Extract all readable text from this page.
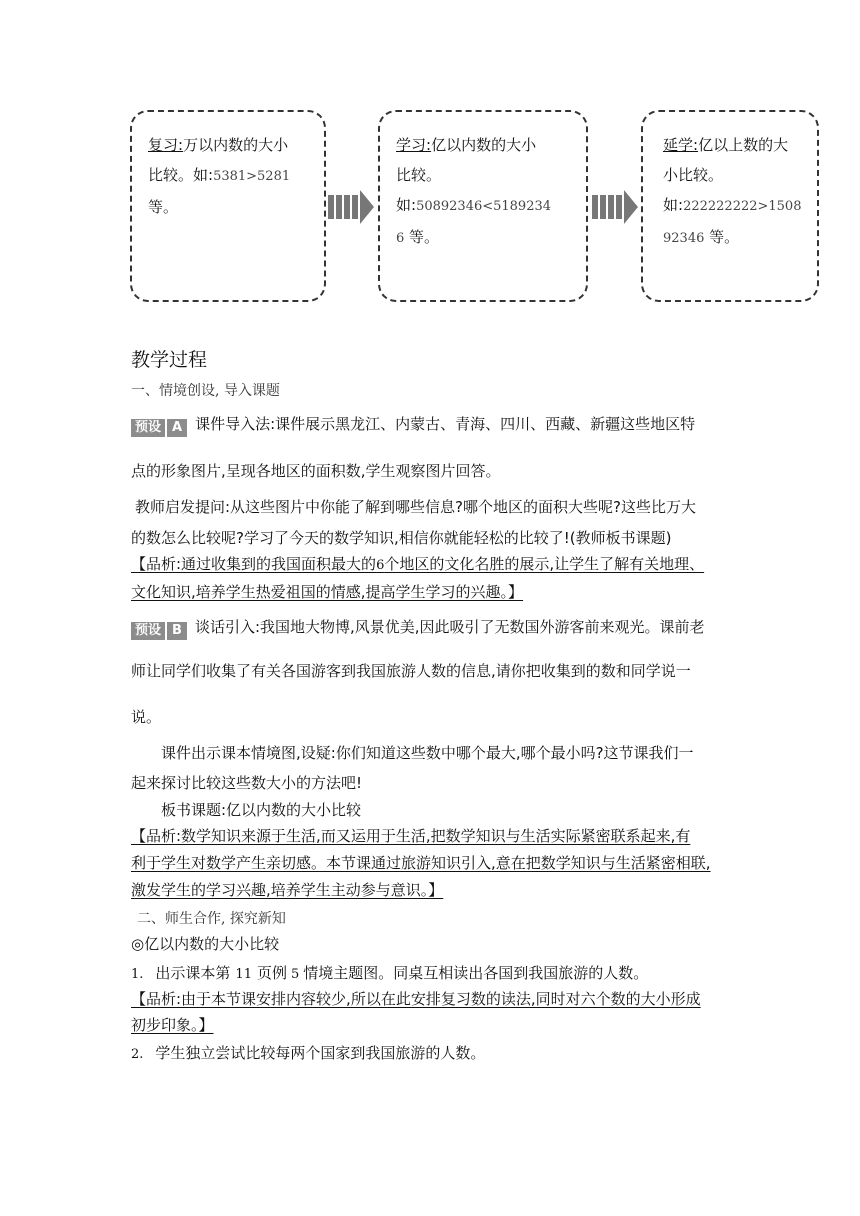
复习:万以内数的大小
比较。如:5381>5281
等。
学习:亿以内数的大小
比较。
如:50892346<5189234
6 等。
延学:亿以上数的大
小比较。
如:222222222>1508
92346 等。
教学过程
一、情境创设, 导入课题
预设 A 课件导入法:课件展示黑龙江、内蒙古、青海、四川、西藏、新疆这些地区特
点的形象图片,呈现各地区的面积数,学生观察图片回答。
教师启发提问:从这些图片中你能了解到哪些信息?哪个地区的面积大些呢?这些比万大
的数怎么比较呢?学习了今天的数学知识,相信你就能轻松的比较了!(教师板书课题)
【品析:通过收集到的我国面积最大的6个地区的文化名胜的展示,让学生了解有关地理、
文化知识,培养学生热爱祖国的情感,提高学生学习的兴趣。】
预设 B 谈话引入:我国地大物博,风景优美,因此吸引了无数国外游客前来观光。课前老
师让同学们收集了有关各国游客到我国旅游人数的信息,请你把收集到的数和同学说一
说。
课件出示课本情境图,设疑:你们知道这些数中哪个最大,哪个最小吗?这节课我们一
起来探讨比较这些数大小的方法吧!
板书课题:亿以内数的大小比较
【品析:数学知识来源于生活,而又运用于生活,把数学知识与生活实际紧密联系起来,有
利于学生对数学产生亲切感。本节课通过旅游知识引入,意在把数学知识与生活紧密相联,
激发学生的学习兴趣,培养学生主动参与意识。】
二、师生合作, 探究新知
◎亿以内数的大小比较
1. 出示课本第 11 页例 5 情境主题图。同桌互相读出各国到我国旅游的人数。
【品析:由于本节课安排内容较少,所以在此安排复习数的读法,同时对六个数的大小形成
初步印象。】
2. 学生独立尝试比较每两个国家到我国旅游的人数。
